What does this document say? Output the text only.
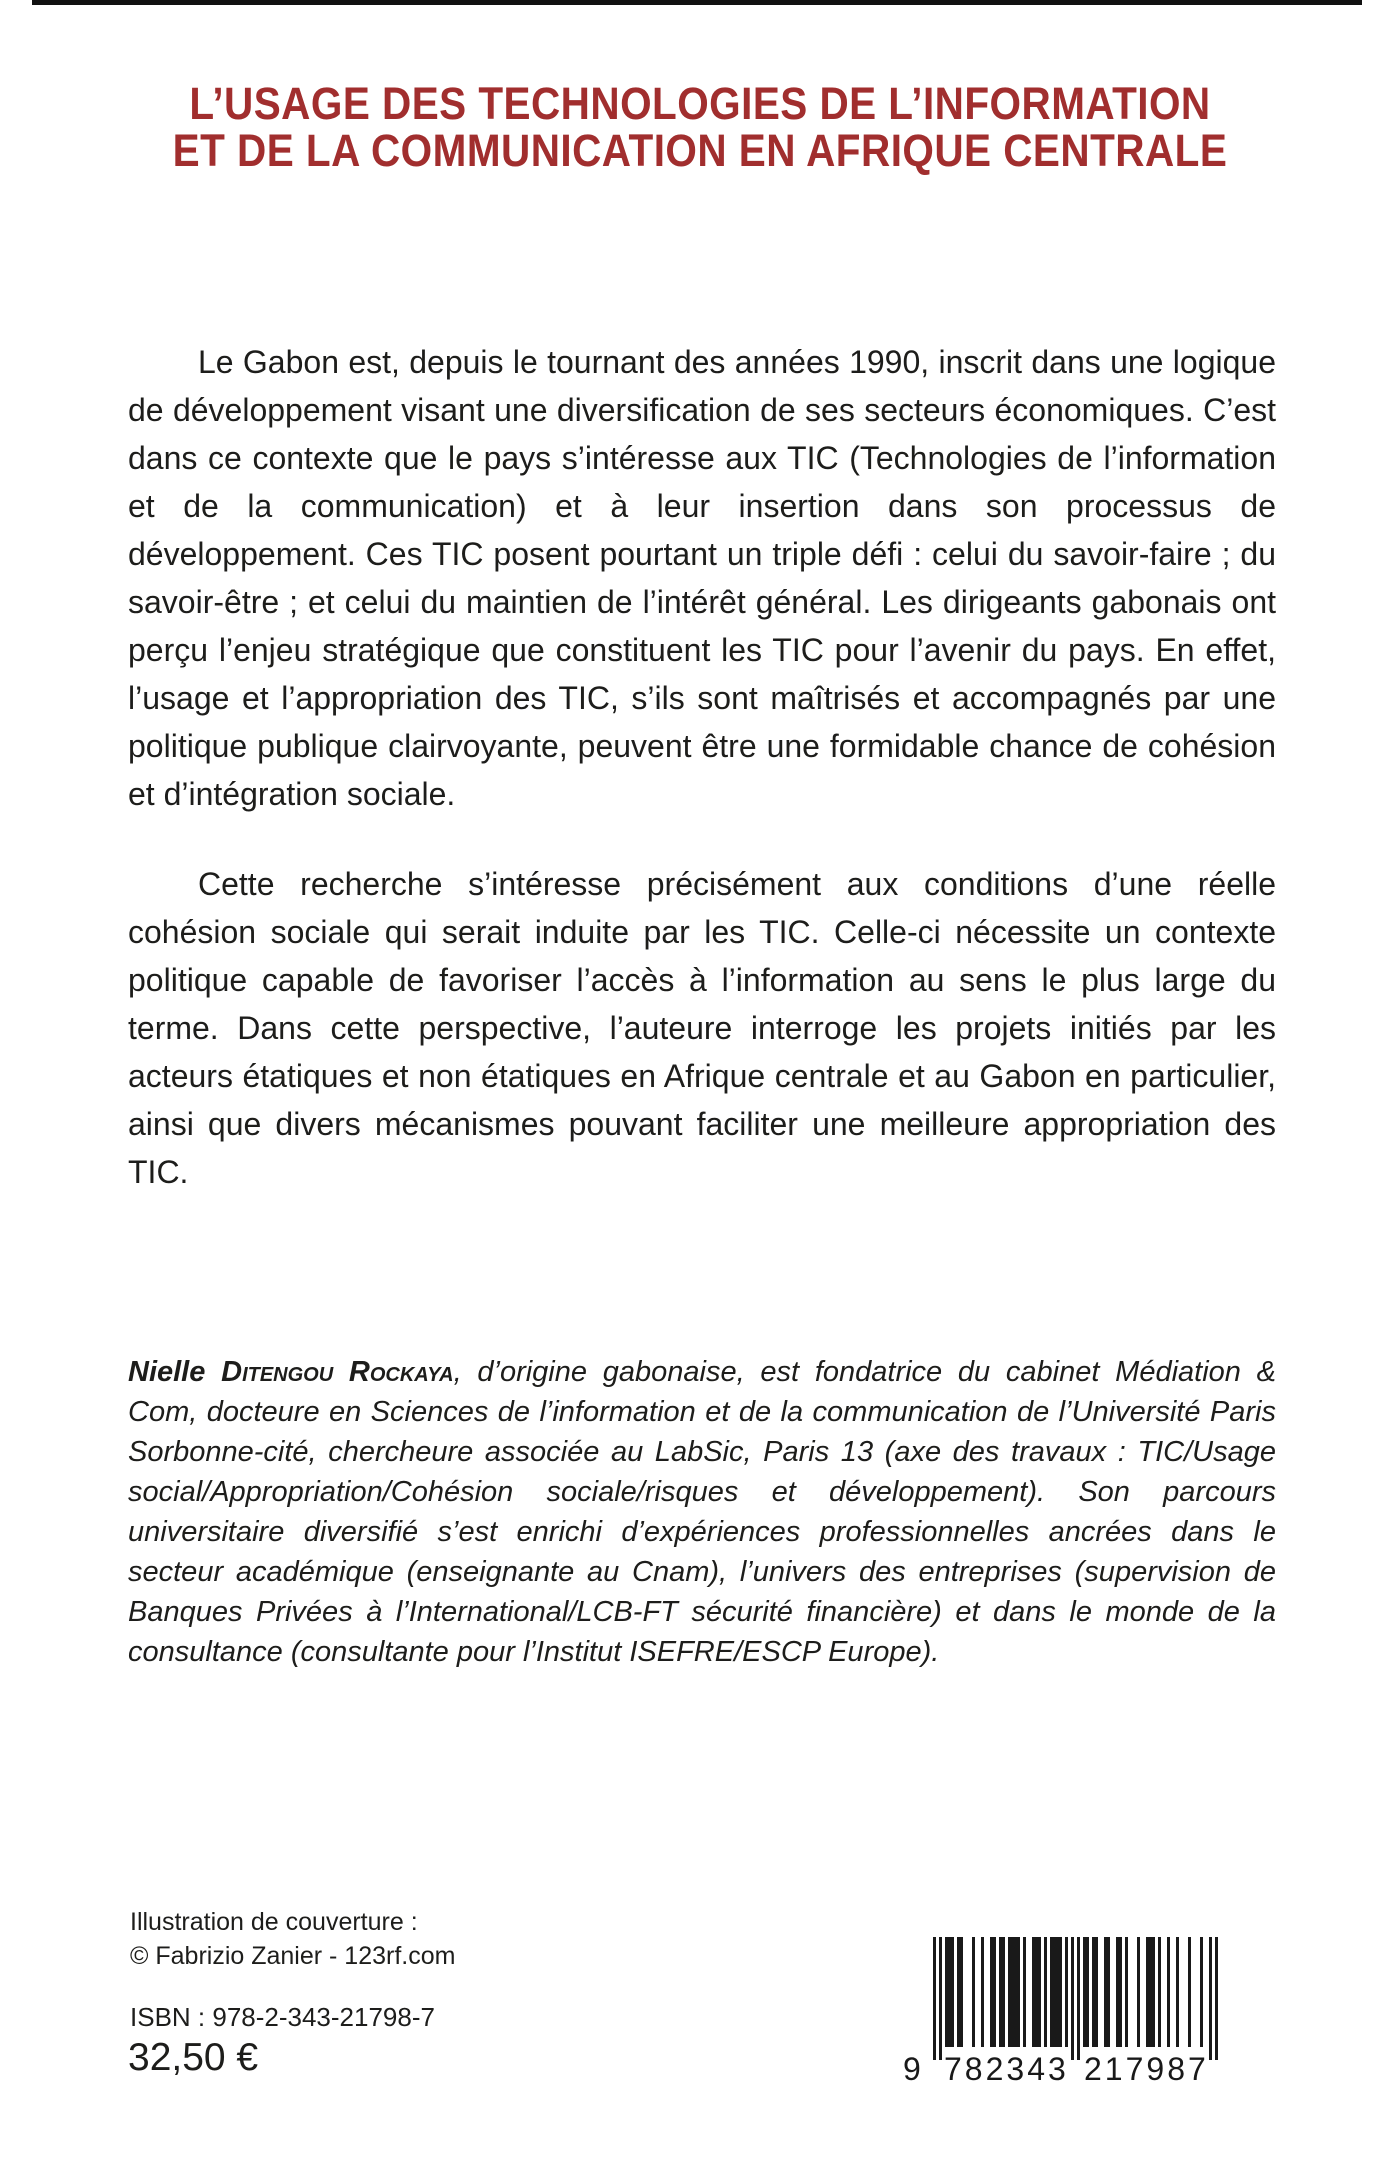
L’USAGE DES TECHNOLOGIES DE L’INFORMATION
ET DE LA COMMUNICATION EN AFRIQUE CENTRALE

Le Gabon est, depuis le tournant des années 1990, inscrit dans une logique de développement visant une diversification de ses secteurs économiques. C’est dans ce contexte que le pays s’intéresse aux TIC (Technologies de l’information et de la communication) et à leur insertion dans son processus de développement. Ces TIC posent pourtant un triple défi : celui du savoir-faire ; du savoir-être ; et celui du maintien de l’intérêt général. Les dirigeants gabonais ont perçu l’enjeu stratégique que constituent les TIC pour l’avenir du pays. En effet, l’usage et l’appropriation des TIC, s’ils sont maîtrisés et accompagnés par une politique publique clairvoyante, peuvent être une formidable chance de cohésion et d’intégration sociale.

Cette recherche s’intéresse précisément aux conditions d’une réelle cohésion sociale qui serait induite par les TIC. Celle-ci nécessite un contexte politique capable de favoriser l’accès à l’information au sens le plus large du terme. Dans cette perspective, l’auteure interroge les projets initiés par les acteurs étatiques et non étatiques en Afrique centrale et au Gabon en particulier, ainsi que divers mécanismes pouvant faciliter une meilleure appropriation des TIC.

Nielle Ditengou Rockaya, d’origine gabonaise, est fondatrice du cabinet Médiation & Com, docteure en Sciences de l’information et de la communication de l’Université Paris Sorbonne-cité, chercheure associée au LabSic, Paris 13 (axe des travaux : TIC/Usage social/Appropriation/Cohésion sociale/risques et développement). Son parcours universitaire diversifié s’est enrichi d’expériences professionnelles ancrées dans le secteur académique (enseignante au Cnam), l’univers des entreprises (supervision de Banques Privées à l’International/LCB-FT sécurité financière) et dans le monde de la consultance (consultante pour l’Institut ISEFRE/ESCP Europe).

Illustration de couverture :
© Fabrizio Zanier - 123rf.com
ISBN : 978-2-343-21798-7
32,50 €	9 782343 217987
